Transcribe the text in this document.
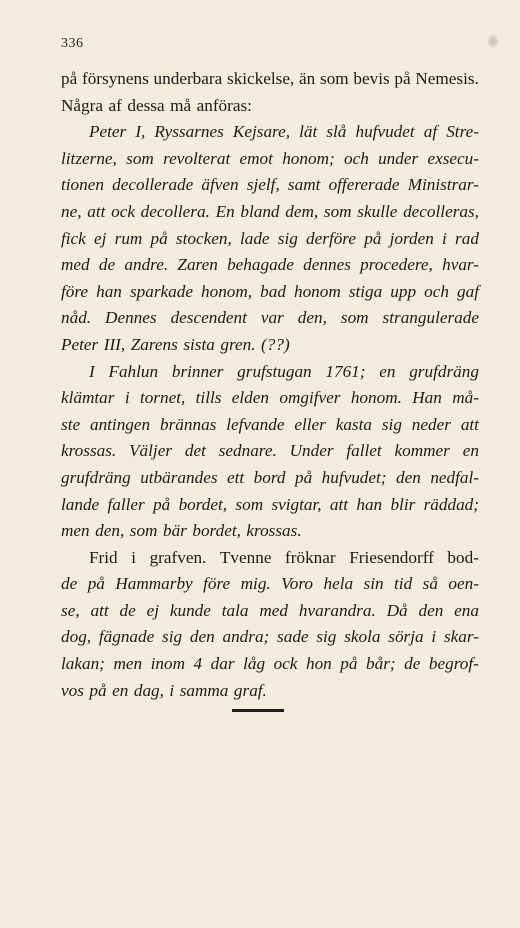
336
på försynens underbara skickelse, än som bevis på Nemesis.
Några af dessa må anföras:
Peter I, Ryssarnes Kejsare, lät slå hufvudet af Stre-
litzerne, som revolterat emot honom; och under exsecu-
tionen decollerade äfven sjelf, samt offererade Ministrar-
ne, att ock decollera. En bland dem, som skulle decolleras,
fick ej rum på stocken, lade sig derföre på jorden i rad
med de andre. Zaren behagade dennes procedere, hvar-
före han sparkade honom, bad honom stiga upp och gaf
nåd. Dennes descendent var den, som strangulerade
Peter III, Zarens sista gren. (??)
I Fahlun brinner grufstugan 1761; en grufdräng
klämtar i tornet, tills elden omgifver honom. Han må-
ste antingen brännas lefvande eller kasta sig neder att
krossas. Väljer det sednare. Under fallet kommer en
grufdräng utbärandes ett bord på hufvudet; den nedfal-
lande faller på bordet, som svigtar, att han blir räddad;
men den, som bär bordet, krossas.
Frid i grafven. Tvenne fröknar Friesendorff bod-
de på Hammarby före mig. Voro hela sin tid så oen-
se, att de ej kunde tala med hvarandra. Då den ena
dog, fägnade sig den andra; sade sig skola sörja i skar-
lakan; men inom 4 dar låg ock hon på bår; de begrof-
vos på en dag, i samma graf.
